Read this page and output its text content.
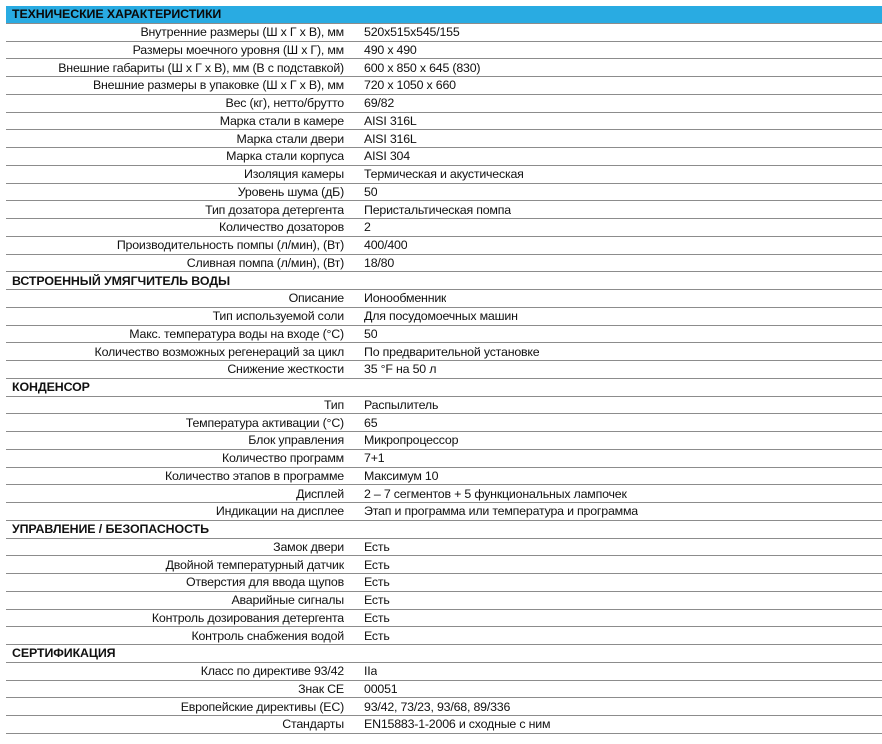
ТЕХНИЧЕСКИЕ ХАРАКТЕРИСТИКИ
Внутренние размеры (Ш x Г x В), мм	520x515x545/155
Размеры моечного уровня (Ш x Г), мм	490 x 490
Внешние габариты (Ш x Г x В), мм (В с подставкой)	600 x 850 x 645 (830)
Внешние размеры в упаковке (Ш x Г x В), мм	720 x 1050 x 660
Вес (кг), нетто/брутто	69/82
Марка стали в камере	AISI 316L
Марка стали двери	AISI 316L
Марка стали корпуса	AISI 304
Изоляция камеры	Термическая и акустическая
Уровень шума (дБ)	50
Тип дозатора детергента	Перистальтическая помпа
Количество дозаторов	2
Производительность помпы (л/мин), (Вт)	400/400
Сливная помпа (л/мин), (Вт)	18/80
ВСТРОЕННЫЙ УМЯГЧИТЕЛЬ ВОДЫ
Описание	Ионообменник
Тип используемой соли	Для посудомоечных машин
Макс. температура воды на входе (°C)	50
Количество возможных регенераций за цикл	По предварительной установке
Снижение жесткости	35 °F на 50 л
КОНДЕНСОР
Тип	Распылитель
Температура активации (°C)	65
Блок управления	Микропроцессор
Количество программ	7+1
Количество этапов в программе	Максимум 10
Дисплей	2 – 7 сегментов + 5 функциональных лампочек
Индикации на дисплее	Этап и программа или температура и программа
УПРАВЛЕНИЕ / БЕЗОПАСНОСТЬ
Замок двери	Есть
Двойной температурный датчик	Есть
Отверстия для ввода щупов	Есть
Аварийные сигналы	Есть
Контроль дозирования детергента	Есть
Контроль снабжения водой	Есть
СЕРТИФИКАЦИЯ
Класс по директиве 93/42	IIa
Знак CE	00051
Европейские директивы (ЕС)	93/42, 73/23, 93/68, 89/336
Стандарты	EN15883-1-2006 и сходные с ним
